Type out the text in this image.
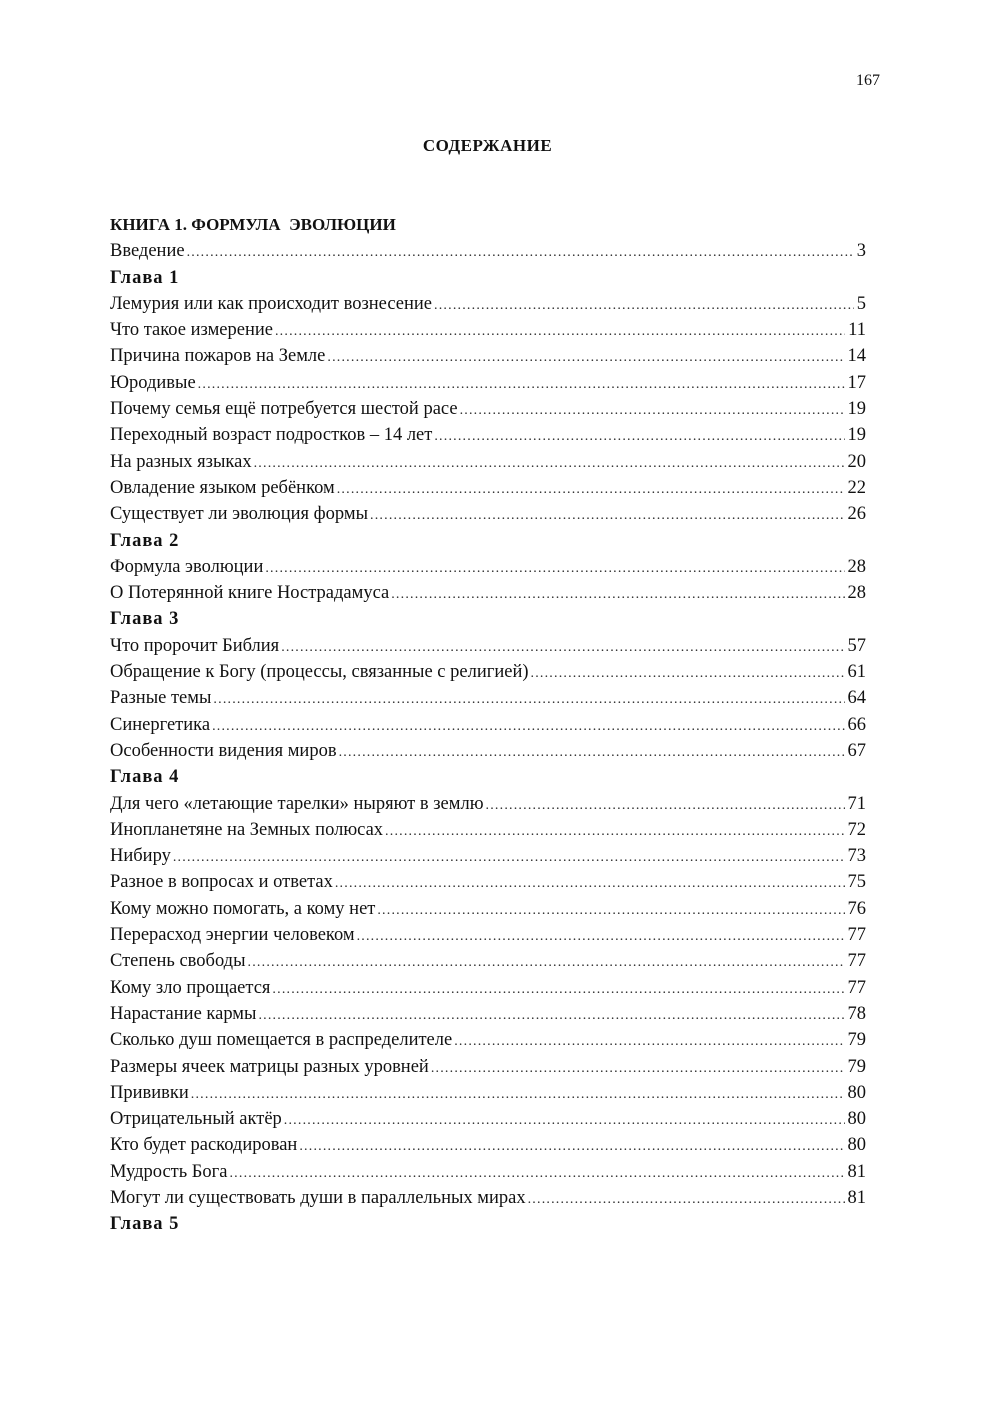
167
СОДЕРЖАНИЕ
КНИГА 1. ФОРМУЛА  ЭВОЛЮЦИИ
Введение .....	3
Глава 1
Лемурия или как происходит вознесение .....	5
Что такое измерение .....	11
Причина пожаров на Земле .....	14
Юродивые .....	17
Почему семья ещё потребуется шестой расе .....	19
Переходный возраст подростков – 14 лет .....	19
На разных языках .....	20
Овладение языком ребёнком .....	22
Существует ли эволюция формы .....	26
Глава 2
Формула эволюции .....	28
О Потерянной книге Нострадамуса .....	28
Глава 3
Что пророчит Библия .....	57
Обращение к Богу (процессы, связанные с религией) .....	61
Разные темы .....	64
Синергетика .....	66
Особенности видения миров .....	67
Глава 4
Для чего «летающие тарелки» ныряют в землю .....	71
Инопланетяне на Земных полюсах .....	72
Нибиру .....	73
Разное в вопросах и ответах .....	75
Кому можно помогать, а кому нет .....	76
Перерасход энергии человеком .....	77
Степень свободы .....	77
Кому зло прощается .....	77
Нарастание кармы .....	78
Сколько душ помещается в распределителе .....	79
Размеры ячеек матрицы разных уровней .....	79
Прививки .....	80
Отрицательный актёр .....	80
Кто будет раскодирован .....	80
Мудрость Бога .....	81
Могут ли существовать души в параллельных мирах .....	81
Глава 5
